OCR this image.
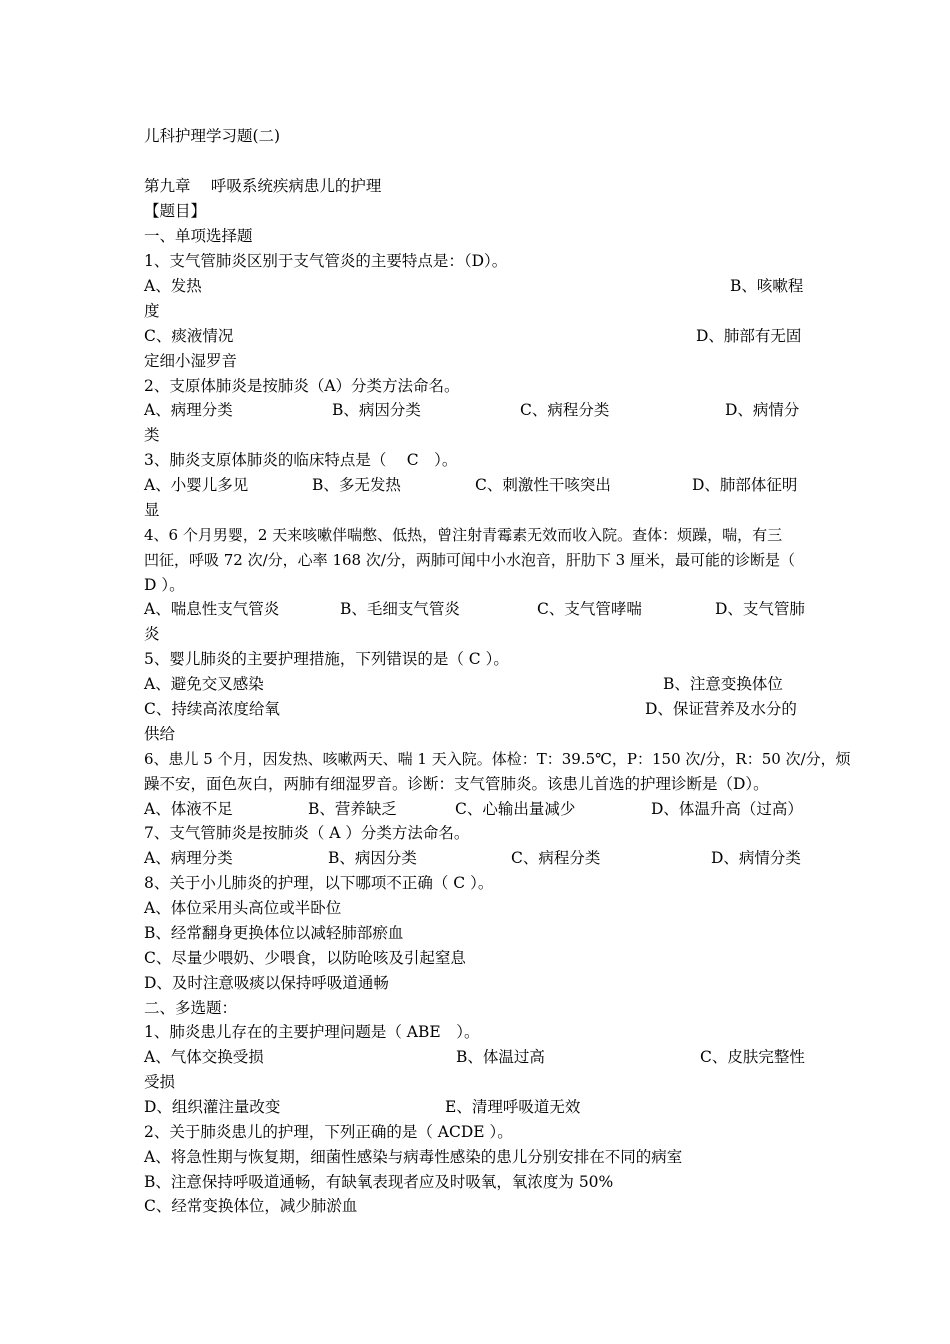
儿科护理学习题(二)
第九章　 呼吸系统疾病患儿的护理
【题目】
一、单项选择题
1、支气管肺炎区别于支气管炎的主要特点是：（D）。
A、发热	B、咳嗽程
度
C、痰液情况	D、肺部有无固
定细小湿罗音
2、支原体肺炎是按肺炎（A）分类方法命名。
A、病理分类	B、病因分类	C、病程分类	D、病情分
类
3、肺炎支原体肺炎的临床特点是（　 C　）。
A、小婴儿多见	B、多无发热	C、刺激性干咳突出	D、肺部体征明
显
4、6 个月男婴，2 天来咳嗽伴喘憋、低热，曾注射青霉素无效而收入院。查体：烦躁，喘，有三
凹征，呼吸 72 次/分，心率 168 次/分，两肺可闻中小水泡音，肝肋下 3 厘米，最可能的诊断是（
D ）。
A、喘息性支气管炎	B、毛细支气管炎	C、支气管哮喘	D、支气管肺
炎
5、婴儿肺炎的主要护理措施，下列错误的是（ C ）。
A、避免交叉感染	B、注意变换体位
C、持续高浓度给氧	D、保证营养及水分的
供给
6、患儿 5 个月，因发热、咳嗽两天、喘 1 天入院。体检：T：39.5℃，P：150 次/分，R：50 次/分，烦
躁不安，面色灰白，两肺有细湿罗音。诊断：支气管肺炎。该患儿首选的护理诊断是（D）。
A、体液不足	B、营养缺乏	C、心输出量减少	D、体温升高（过高）
7、支气管肺炎是按肺炎（ A ）分类方法命名。
A、病理分类	B、病因分类	C、病程分类	D、病情分类
8、关于小儿肺炎的护理，以下哪项不正确（ C ）。
A、体位采用头高位或半卧位
B、经常翻身更换体位以减轻肺部瘀血
C、尽量少喂奶、少喂食，以防呛咳及引起窒息
D、及时注意吸痰以保持呼吸道通畅
二、多选题：
1、肺炎患儿存在的主要护理问题是（ ABE　）。
A、气体交换受损	B、体温过高	C、皮肤完整性
受损
D、组织灌注量改变	E、清理呼吸道无效
2、关于肺炎患儿的护理，下列正确的是（ ACDE ）。
A、将急性期与恢复期，细菌性感染与病毒性感染的患儿分别安排在不同的病室
B、注意保持呼吸道通畅，有缺氧表现者应及时吸氧，氧浓度为 50%
C、经常变换体位，减少肺淤血
